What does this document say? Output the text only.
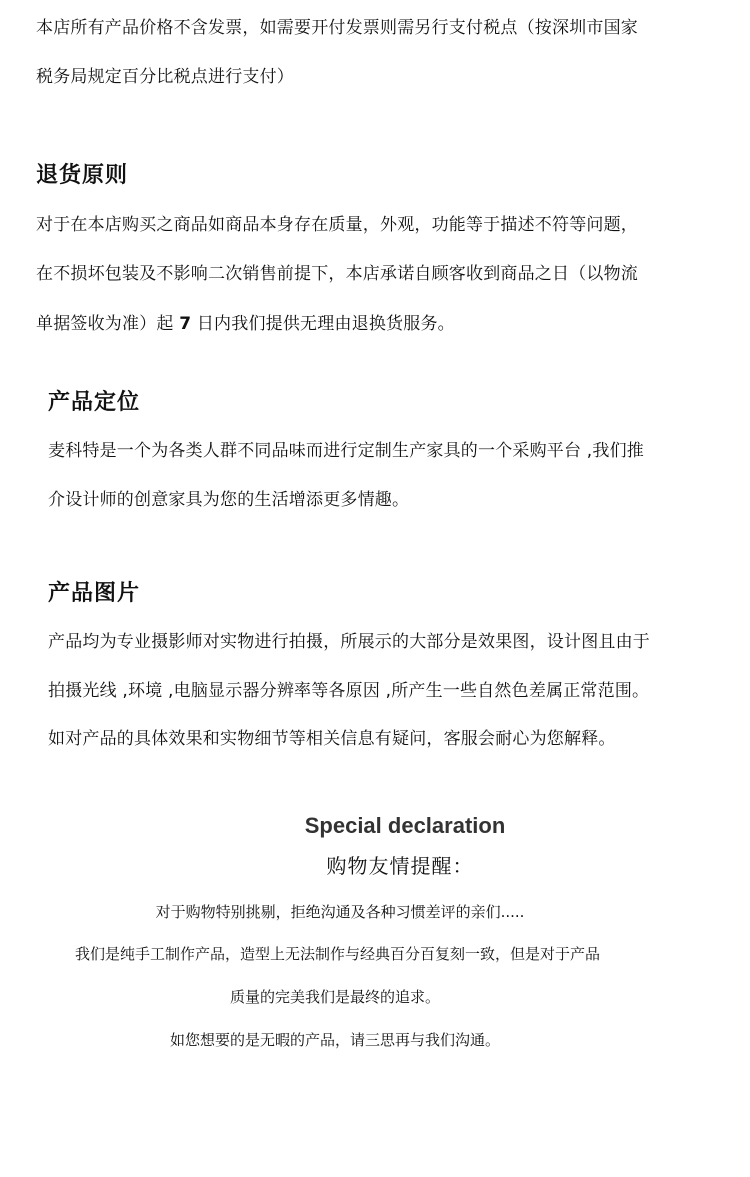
本店所有产品价格不含发票，如需要开付发票则需另行支付税点（按深圳市国家
税务局规定百分比税点进行支付）
退货原则
对于在本店购买之商品如商品本身存在质量，外观，功能等于描述不符等问题，
在不损坏包装及不影响二次销售前提下，本店承诺自顾客收到商品之日（以物流
单据签收为准）起 7 日内我们提供无理由退换货服务。
产品定位
麦科特是一个为各类人群不同品味而进行定制生产家具的一个采购平台 ,我们推
介设计师的创意家具为您的生活增添更多情趣。
产品图片
产品均为专业摄影师对实物进行拍摄，所展示的大部分是效果图，设计图且由于
拍摄光线 ,环境 ,电脑显示器分辨率等各原因 ,所产生一些自然色差属正常范围。
如对产品的具体效果和实物细节等相关信息有疑问，客服会耐心为您解释。
Special declaration
购物友情提醒：
对于购物特别挑剔，拒绝沟通及各种习惯差评的亲们.....
我们是纯手工制作产品，造型上无法制作与经典百分百复刻一致，但是对于产品
质量的完美我们是最终的追求。
如您想要的是无暇的产品，请三思再与我们沟通。
